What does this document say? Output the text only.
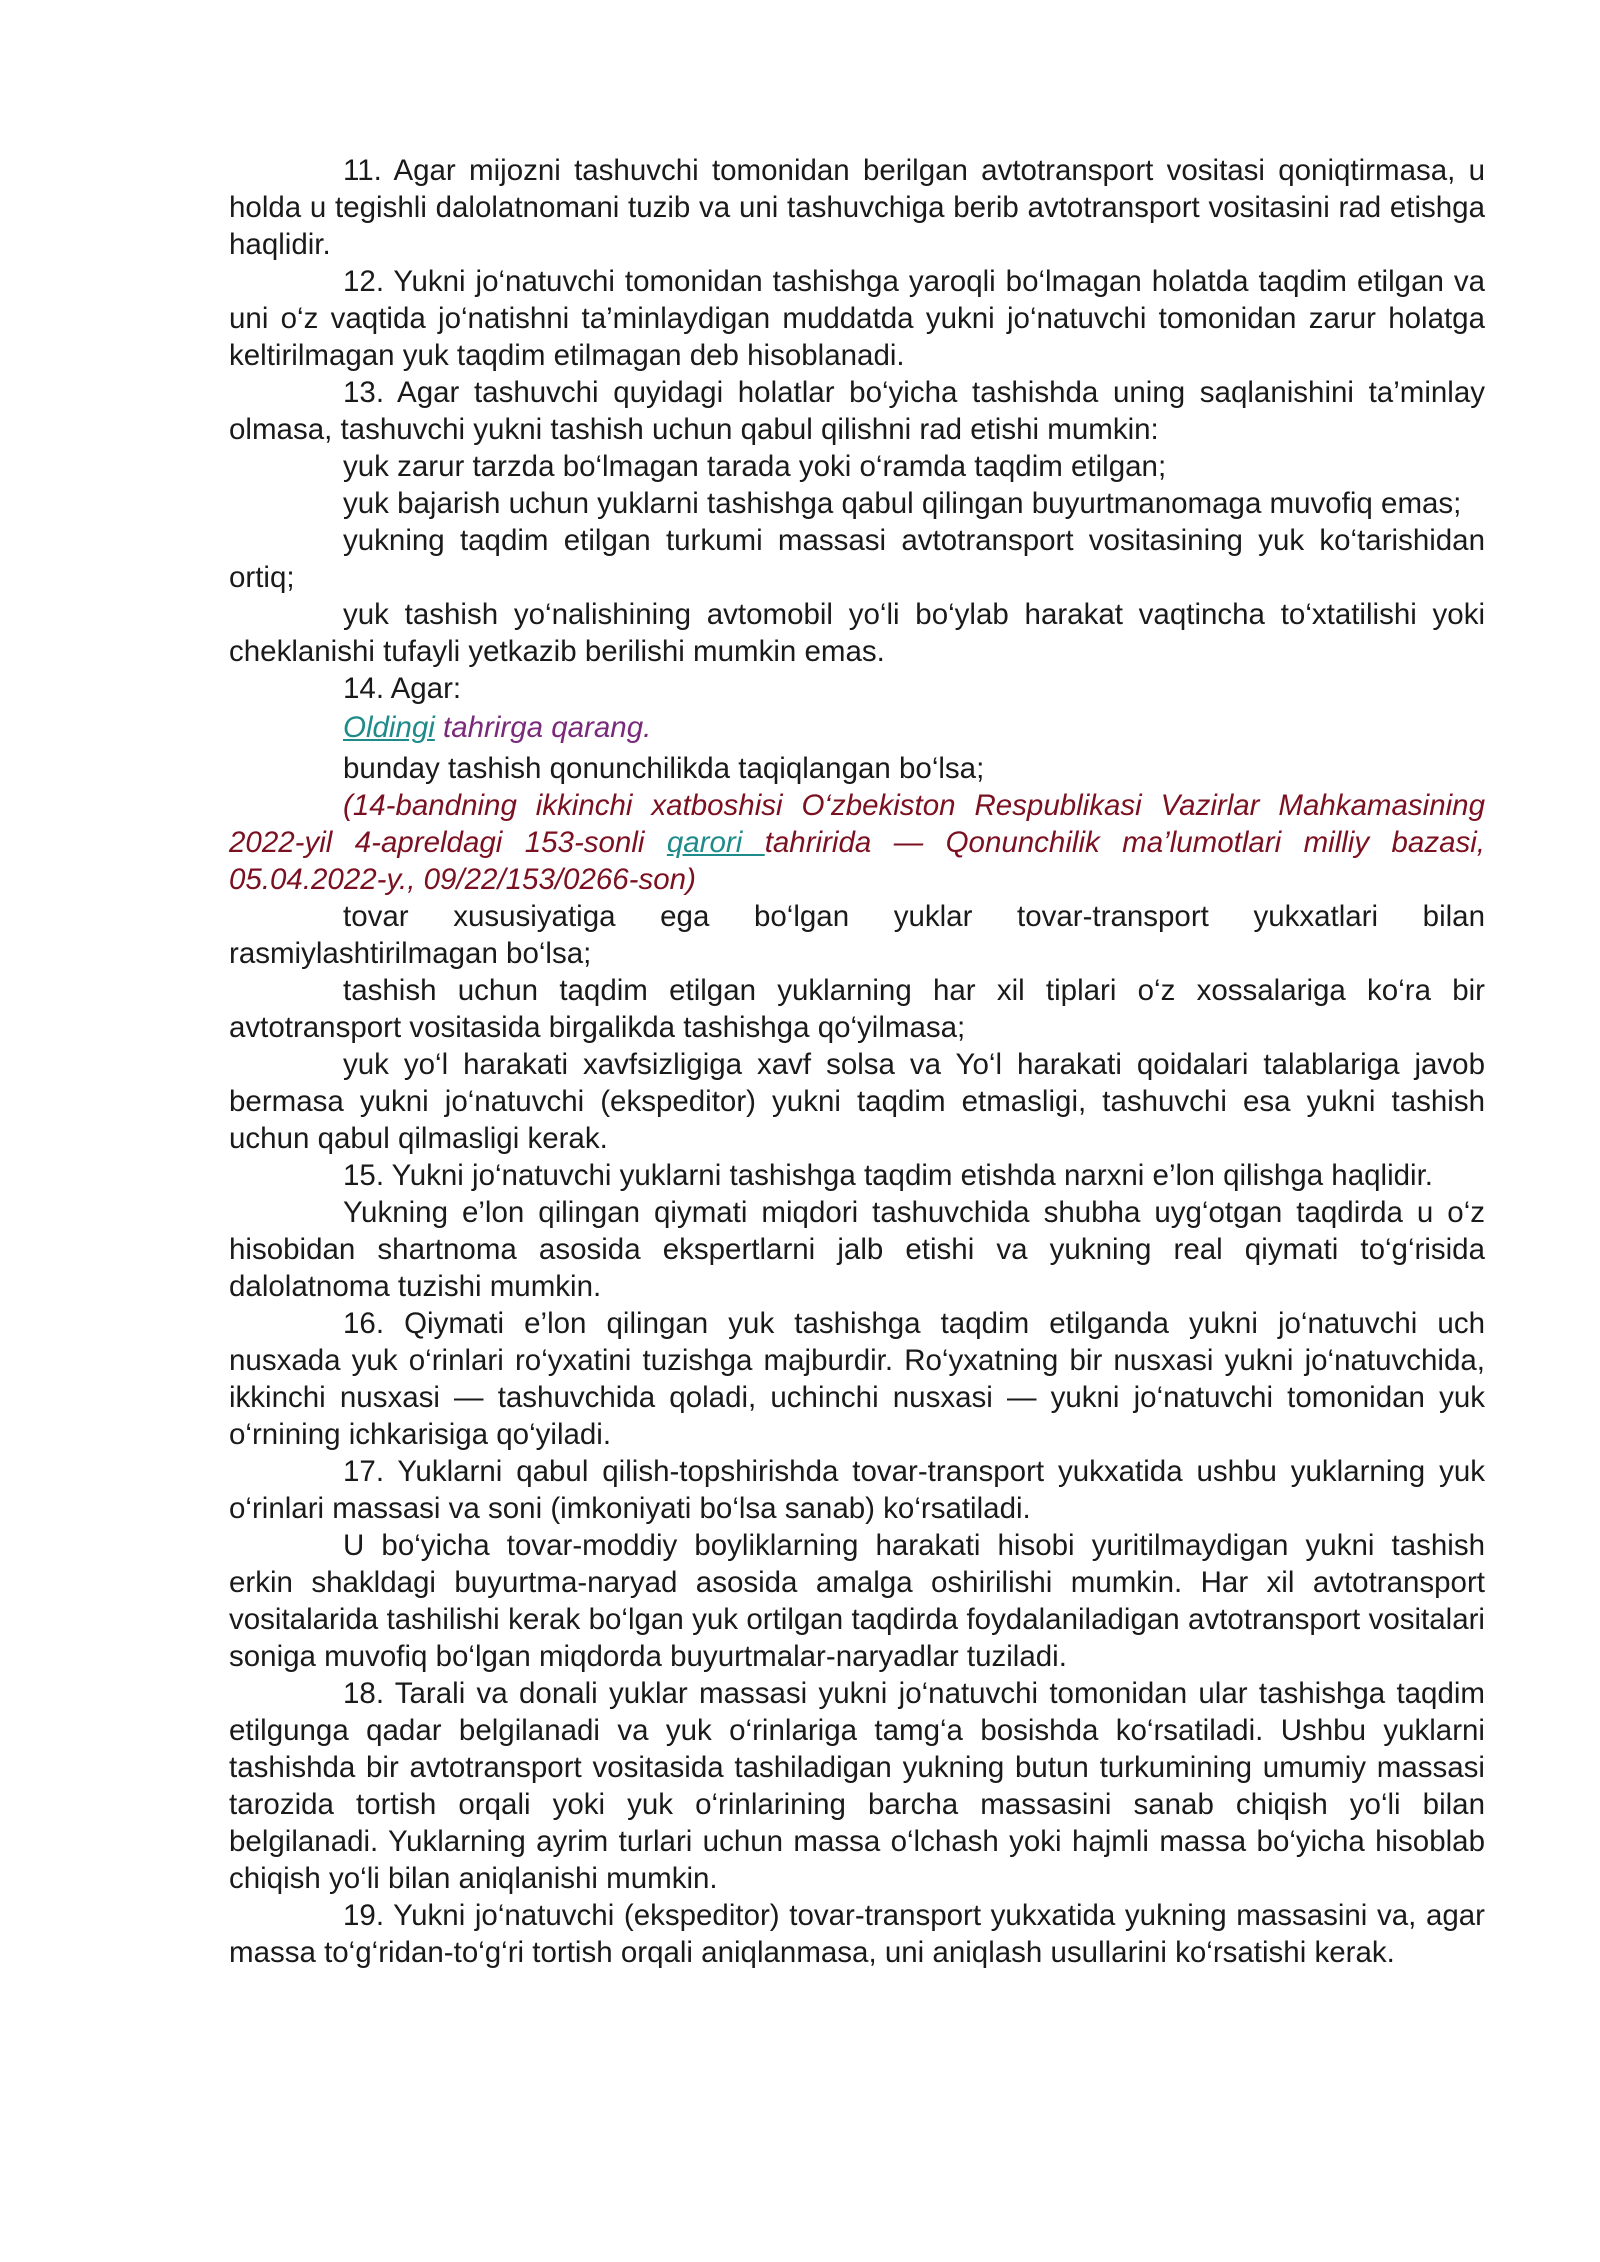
11. Agar mijozni tashuvchi tomonidan berilgan avtotransport vositasi qoniqtirmasa, u holda u tegishli dalolatnomani tuzib va uni tashuvchiga berib avtotransport vositasini rad etishga haqlidir.

12. Yukni jo‘natuvchi tomonidan tashishga yaroqli bo‘lmagan holatda taqdim etilgan va uni o‘z vaqtida jo‘natishni ta’minlaydigan muddatda yukni jo‘natuvchi tomonidan zarur holatga keltirilmagan yuk taqdim etilmagan deb hisoblanadi.

13. Agar tashuvchi quyidagi holatlar bo‘yicha tashishda uning saqlanishini ta’minlay olmasa, tashuvchi yukni tashish uchun qabul qilishni rad etishi mumkin:

yuk zarur tarzda bo‘lmagan tarada yoki o‘ramda taqdim etilgan;

yuk bajarish uchun yuklarni tashishga qabul qilingan buyurtmanomaga muvofiq emas;

yukning taqdim etilgan turkumi massasi avtotransport vositasining yuk ko‘tarishidan ortiq;

yuk tashish yo‘nalishining avtomobil yo‘li bo‘ylab harakat vaqtincha to‘xtatilishi yoki cheklanishi tufayli yetkazib berilishi mumkin emas.

14. Agar:

Oldingi tahrirga qarang.

bunday tashish qonunchilikda taqiqlangan bo‘lsa;

(14-bandning ikkinchi xatboshisi O‘zbekiston Respublikasi Vazirlar Mahkamasining 2022-yil 4-apreldagi 153-sonli qarori tahririda — Qonunchilik ma’lumotlari milliy bazasi, 05.04.2022-y., 09/22/153/0266-son)

tovar xususiyatiga ega bo‘lgan yuklar tovar-transport yukxatlari bilan rasmiylashtirilmagan bo‘lsa;

tashish uchun taqdim etilgan yuklarning har xil tiplari o‘z xossalariga ko‘ra bir avtotransport vositasida birgalikda tashishga qo‘yilmasa;

yuk yo‘l harakati xavfsizligiga xavf solsa va Yo‘l harakati qoidalari talablariga javob bermasa yukni jo‘natuvchi (ekspeditor) yukni taqdim etmasligi, tashuvchi esa yukni tashish uchun qabul qilmasligi kerak.

15. Yukni jo‘natuvchi yuklarni tashishga taqdim etishda narxni e’lon qilishga haqlidir.

Yukning e’lon qilingan qiymati miqdori tashuvchida shubha uyg‘otgan taqdirda u o‘z hisobidan shartnoma asosida ekspertlarni jalb etishi va yukning real qiymati to‘g‘risida dalolatnoma tuzishi mumkin.

16. Qiymati e’lon qilingan yuk tashishga taqdim etilganda yukni jo‘natuvchi uch nusxada yuk o‘rinlari ro‘yxatini tuzishga majburdir. Ro‘yxatning bir nusxasi yukni jo‘natuvchida, ikkinchi nusxasi — tashuvchida qoladi, uchinchi nusxasi — yukni jo‘natuvchi tomonidan yuk o‘rnining ichkarisiga qo‘yiladi.

17. Yuklarni qabul qilish-topshirishda tovar-transport yukxatida ushbu yuklarning yuk o‘rinlari massasi va soni (imkoniyati bo‘lsa sanab) ko‘rsatiladi.

U bo‘yicha tovar-moddiy boyliklarning harakati hisobi yuritilmaydigan yukni tashish erkin shakldagi buyurtma-naryad asosida amalga oshirilishi mumkin. Har xil avtotransport vositalarida tashilishi kerak bo‘lgan yuk ortilgan taqdirda foydalaniladigan avtotransport vositalari soniga muvofiq bo‘lgan miqdorda buyurtmalar-naryadlar tuziladi.

18. Tarali va donali yuklar massasi yukni jo‘natuvchi tomonidan ular tashishga taqdim etilgunga qadar belgilanadi va yuk o‘rinlariga tamg‘a bosishda ko‘rsatiladi. Ushbu yuklarni tashishda bir avtotransport vositasida tashiladigan yukning butun turkumining umumiy massasi tarozida tortish orqali yoki yuk o‘rinlarining barcha massasini sanab chiqish yo‘li bilan belgilanadi. Yuklarning ayrim turlari uchun massa o‘lchash yoki hajmli massa bo‘yicha hisoblab chiqish yo‘li bilan aniqlanishi mumkin.

19. Yukni jo‘natuvchi (ekspeditor) tovar-transport yukxatida yukning massasini va, agar massa to‘g‘ridan-to‘g‘ri tortish orqali aniqlanmasa, uni aniqlash usullarini ko‘rsatishi kerak.
